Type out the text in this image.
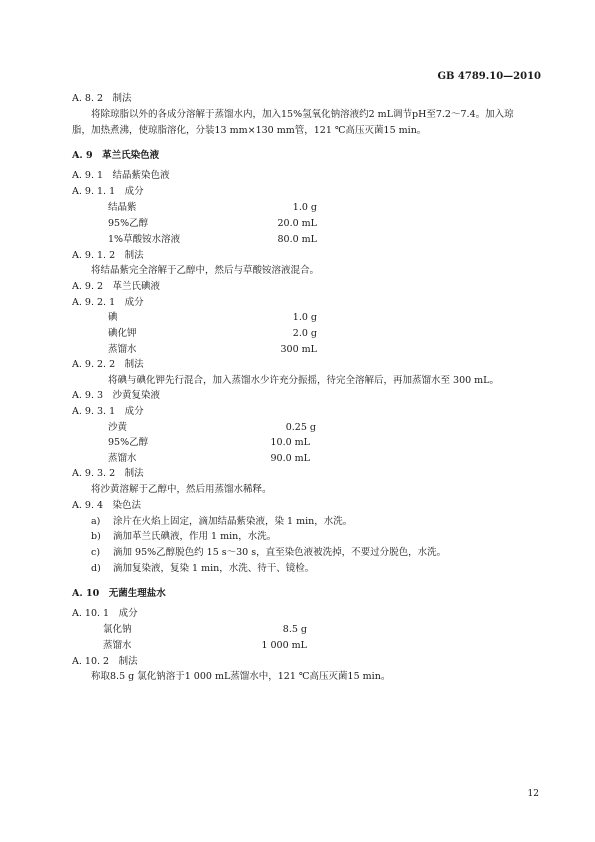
GB 4789.10—2010
A. 8. 2　制法
将除琼脂以外的各成分溶解于蒸馏水内，加入15%氢氧化钠溶液约2 mL调节pH至7.2～7.4。加入琼脂，加热煮沸，使琼脂溶化，分装13 mm×130 mm管，121 ℃高压灭菌15 min。
A. 9　革兰氏染色液
A. 9. 1　结晶紫染色液
A. 9. 1. 1　成分
结晶紫	1.0 g
95%乙醇	20.0 mL
1%草酸铵水溶液	80.0 mL
A. 9. 1. 2　制法
将结晶紫完全溶解于乙醇中，然后与草酸铵溶液混合。
A. 9. 2　革兰氏碘液
A. 9. 2. 1　成分
碘	1.0 g
碘化钾	2.0 g
蒸馏水	300 mL
A. 9. 2. 2　制法
将碘与碘化钾先行混合，加入蒸馏水少许充分振摇，待完全溶解后，再加蒸馏水至 300 mL。
A. 9. 3　沙黄复染液
A. 9. 3. 1　成分
沙黄	0.25 g
95%乙醇	10.0 mL
蒸馏水	90.0 mL
A. 9. 3. 2　制法
将沙黄溶解于乙醇中，然后用蒸馏水稀释。
A. 9. 4　染色法
a) 涂片在火焰上固定，滴加结晶紫染液，染 1 min，水洗。
b) 滴加革兰氏碘液，作用 1 min，水洗。
c) 滴加 95%乙醇脱色约 15 s～30 s，直至染色液被洗掉，不要过分脱色，水洗。
d) 滴加复染液，复染 1 min，水洗、待干、镜检。
A. 10　无菌生理盐水
A. 10. 1　成分
氯化钠	8.5 g
蒸馏水	1 000 mL
A. 10. 2　制法
称取8.5 g 氯化钠溶于1 000 mL蒸馏水中，121 ℃高压灭菌15 min。
12
